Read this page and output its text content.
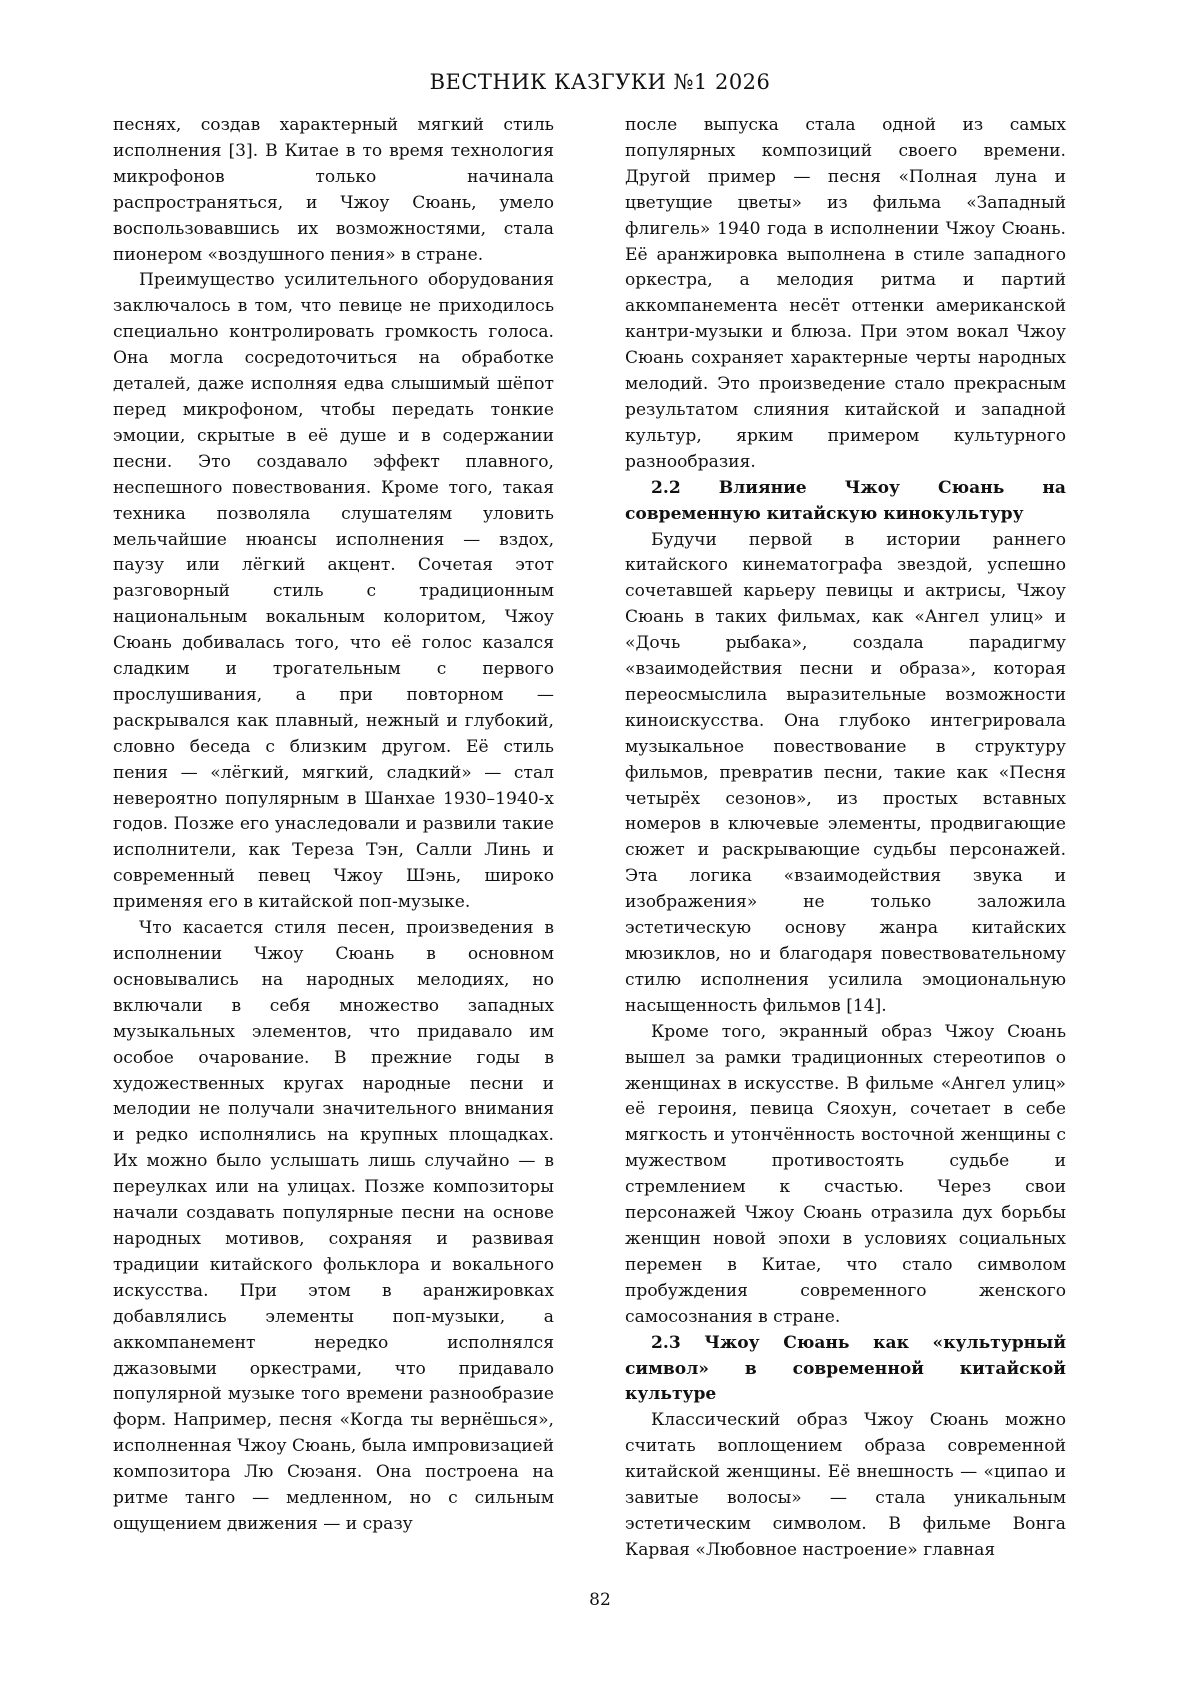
ВЕСТНИК КАЗГУКИ №1 2026

песнях, создав характерный мягкий стиль исполнения [3]. В Китае в то время технология микрофонов только начинала распространяться, и Чжоу Сюань, умело воспользовавшись их возможностями, стала пионером «воздушного пения» в стране.

Преимущество усилительного оборудования заключалось в том, что певице не приходилось специально контролировать громкость голоса. Она могла сосредоточиться на обработке деталей, даже исполняя едва слышимый шёпот перед микрофоном, чтобы передать тонкие эмоции, скрытые в её душе и в содержании песни. Это создавало эффект плавного, неспешного повествования. Кроме того, такая техника позволяла слушателям уловить мельчайшие нюансы исполнения — вздох, паузу или лёгкий акцент. Сочетая этот разговорный стиль с традиционным национальным вокальным колоритом, Чжоу Сюань добивалась того, что её голос казался сладким и трогательным с первого прослушивания, а при повторном — раскрывался как плавный, нежный и глубокий, словно беседа с близким другом. Её стиль пения — «лёгкий, мягкий, сладкий» — стал невероятно популярным в Шанхае 1930–1940-х годов. Позже его унаследовали и развили такие исполнители, как Тереза Тэн, Салли Линь и современный певец Чжоу Шэнь, широко применяя его в китайской поп-музыке.

Что касается стиля песен, произведения в исполнении Чжоу Сюань в основном основывались на народных мелодиях, но включали в себя множество западных музыкальных элементов, что придавало им особое очарование. В прежние годы в художественных кругах народные песни и мелодии не получали значительного внимания и редко исполнялись на крупных площадках. Их можно было услышать лишь случайно — в переулках или на улицах. Позже композиторы начали создавать популярные песни на основе народных мотивов, сохраняя и развивая традиции китайского фольклора и вокального искусства. При этом в аранжировках добавлялись элементы поп-музыки, а аккомпанемент нередко исполнялся джазовыми оркестрами, что придавало популярной музыке того времени разнообразие форм. Например, песня «Когда ты вернёшься», исполненная Чжоу Сюань, была импровизацией композитора Лю Сюэаня. Она построена на ритме танго — медленном, но с сильным ощущением движения — и сразу

после выпуска стала одной из самых популярных композиций своего времени. Другой пример — песня «Полная луна и цветущие цветы» из фильма «Западный флигель» 1940 года в исполнении Чжоу Сюань. Её аранжировка выполнена в стиле западного оркестра, а мелодия ритма и партий аккомпанемента несёт оттенки американской кантри-музыки и блюза. При этом вокал Чжоу Сюань сохраняет характерные черты народных мелодий. Это произведение стало прекрасным результатом слияния китайской и западной культур, ярким примером культурного разнообразия.

2.2 Влияние Чжоу Сюань на современную китайскую кинокультуру

Будучи первой в истории раннего китайского кинематографа звездой, успешно сочетавшей карьеру певицы и актрисы, Чжоу Сюань в таких фильмах, как «Ангел улиц» и «Дочь рыбака», создала парадигму «взаимодействия песни и образа», которая переосмыслила выразительные возможности киноискусства. Она глубоко интегрировала музыкальное повествование в структуру фильмов, превратив песни, такие как «Песня четырёх сезонов», из простых вставных номеров в ключевые элементы, продвигающие сюжет и раскрывающие судьбы персонажей. Эта логика «взаимодействия звука и изображения» не только заложила эстетическую основу жанра китайских мюзиклов, но и благодаря повествовательному стилю исполнения усилила эмоциональную насыщенность фильмов [14].

Кроме того, экранный образ Чжоу Сюань вышел за рамки традиционных стереотипов о женщинах в искусстве. В фильме «Ангел улиц» её героиня, певица Сяохун, сочетает в себе мягкость и утончённость восточной женщины с мужеством противостоять судьбе и стремлением к счастью. Через свои персонажей Чжоу Сюань отразила дух борьбы женщин новой эпохи в условиях социальных перемен в Китае, что стало символом пробуждения современного женского самосознания в стране.

2.3 Чжоу Сюань как «культурный символ» в современной китайской культуре

Классический образ Чжоу Сюань можно считать воплощением образа современной китайской женщины. Её внешность — «ципао и завитые волосы» — стала уникальным эстетическим символом. В фильме Вонга Карвая «Любовное настроение» главная

82
